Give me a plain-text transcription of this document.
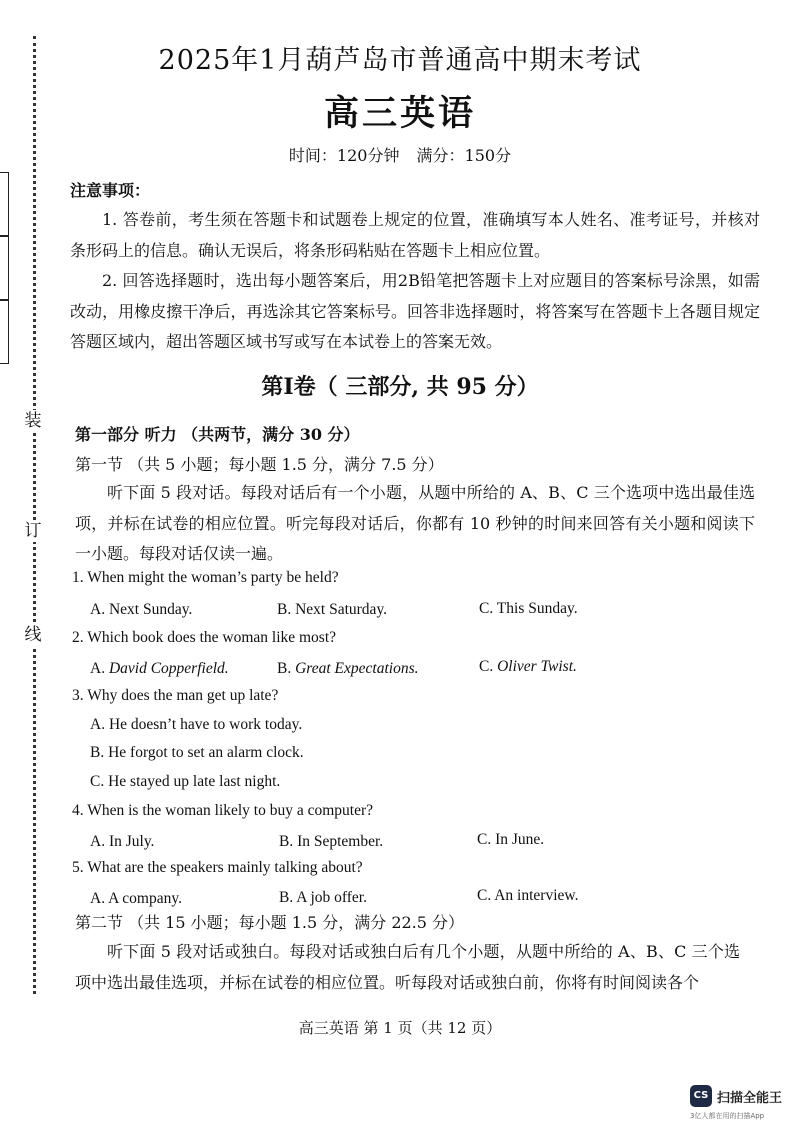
装
订
线
2025年1月葫芦岛市普通高中期末考试
高三英语
时间：120分钟 满分：150分
注意事项：
1. 答卷前，考生须在答题卡和试题卷上规定的位置，准确填写本人姓名、准考证号，并核对条形码上的信息。确认无误后，将条形码粘贴在答题卡上相应位置。
2. 回答选择题时，选出每小题答案后，用2B铅笔把答题卡上对应题目的答案标号涂黑，如需改动，用橡皮擦干净后，再选涂其它答案标号。回答非选择题时，将答案写在答题卡上各题目规定答题区域内，超出答题区域书写或写在本试卷上的答案无效。
第Ⅰ卷（ 三部分, 共 95 分）
第一部分 听力 （共两节，满分 30 分）
第一节 （共 5 小题；每小题 1.5 分，满分 7.5 分）
听下面 5 段对话。每段对话后有一个小题，从题中所给的 A、B、C 三个选项中选出最佳选项，并标在试卷的相应位置。听完每段对话后，你都有 10 秒钟的时间来回答有关小题和阅读下一小题。每段对话仅读一遍。
1. When might the woman’s party be held?
A. Next Sunday.	B. Next Saturday.	C. This Sunday.
2. Which book does the woman like most?
A. David Copperfield.	B. Great Expectations.	C. Oliver Twist.
3. Why does the man get up late?
A. He doesn’t have to work today.
B. He forgot to set an alarm clock.
C. He stayed up late last night.
4. When is the woman likely to buy a computer?
A. In July.	B. In September.	C. In June.
5. What are the speakers mainly talking about?
A. A company.	B. A job offer.	C. An interview.
第二节 （共 15 小题；每小题 1.5 分，满分 22.5 分）
听下面 5 段对话或独白。每段对话或独白后有几个小题，从题中所给的 A、B、C 三个选项中选出最佳选项，并标在试卷的相应位置。听每段对话或独白前，你将有时间阅读各个
高三英语 第 1 页（共 12 页）
CS 扫描全能王
3亿人都在用的扫描App
